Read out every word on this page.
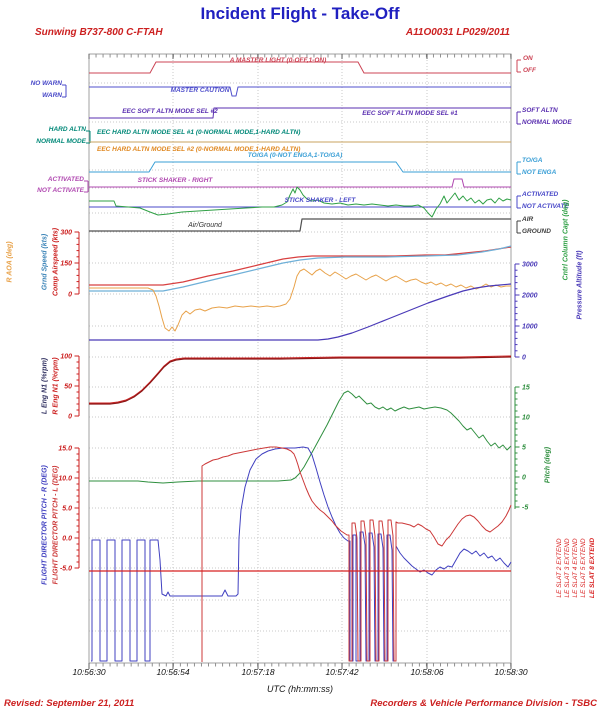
300
150
0
100
50
0
15.0
10.0
5.0
0.0
-5.0
3000
2000
1000
0
15
10
5
0
-5
Incident Flight - Take-Off
Sunwing B737-800 C-FTAH	A11O0031 LP029/2011
A MASTER LIGHT (0-OFF,1-ON)
MASTER CAUTION
EEC SOFT ALTN MODE SEL #2	EEC SOFT ALTN MODE SEL #1
EEC HARD ALTN MODE SEL #1 (0-NORMAL MODE,1-HARD ALTN)
EEC HARD ALTN MODE SEL #2 (0-NORMAL MODE,1-HARD ALTN)
TO/GA (0-NOT ENGA,1-TO/GA)
STICK SHAKER - RIGHT
STICK SHAKER - LEFT
Air/Ground
NO WARN
WARN
HARD ALTN
NORMAL MODE
ACTIVATED
NOT ACTIVATE
ON
OFF
SOFT ALTN
NORMAL MODE
TO/GA
NOT ENGA
ACTIVATED
NOT ACTIVATE
AIR
GROUND
R AOA (deg)	Grnd Speed (kts) Comp Airspeed (kts)
L Eng N1 (%rpm) R Eng N1 (%rpm)
FLIGHT DIRECTOR PITCH - R (DEG) FLIGHT DIRECTOR PITCH - L (DEG)
Cntrl Column Capt (deg)
Pressure Altitude (ft)
Pitch (deg)
LE SLAT 2 EXTEND LE SLAT 3 EXTEND LE SLAT 4 EXTEND LE SLAT 5 EXTEND LE SLAT 8 EXTEND
10:56:30	10:56:54	10:57:18	10:57:42	10:58:06	10:58:30
UTC (hh:mm:ss)
Revised: September 21, 2011	Recorders & Vehicle Performance Division - TSBC
